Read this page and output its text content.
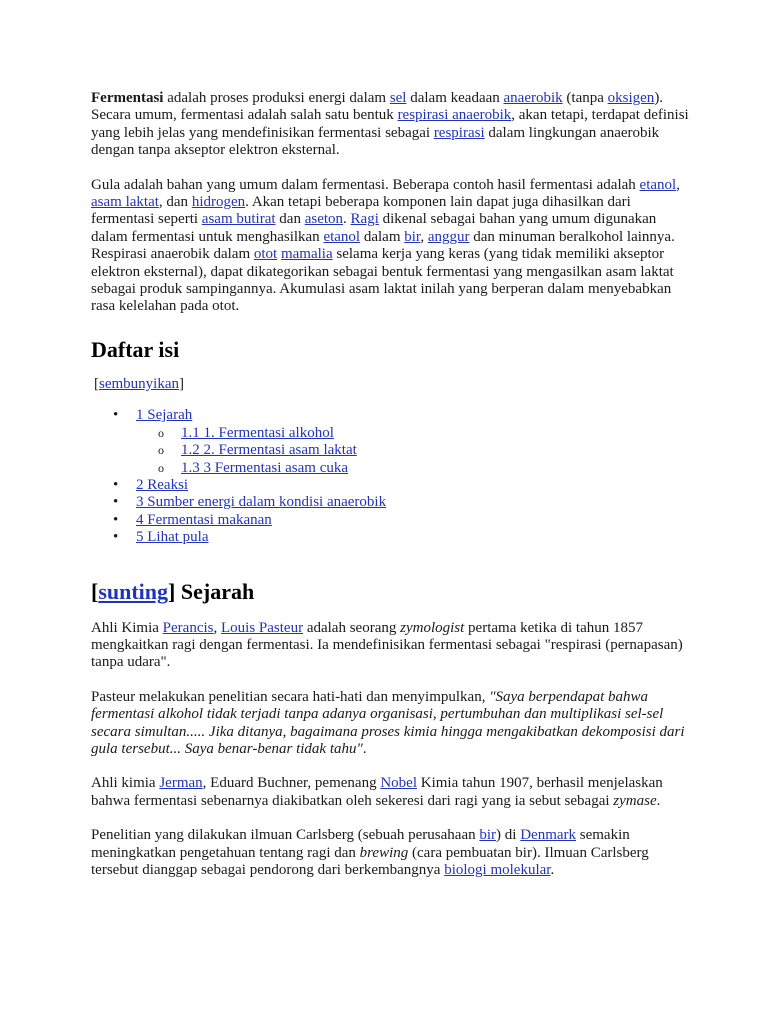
Fermentasi adalah proses produksi energi dalam sel dalam keadaan anaerobik (tanpa oksigen). Secara umum, fermentasi adalah salah satu bentuk respirasi anaerobik, akan tetapi, terdapat definisi yang lebih jelas yang mendefinisikan fermentasi sebagai respirasi dalam lingkungan anaerobik dengan tanpa akseptor elektron eksternal.

Gula adalah bahan yang umum dalam fermentasi. Beberapa contoh hasil fermentasi adalah etanol, asam laktat, dan hidrogen. Akan tetapi beberapa komponen lain dapat juga dihasilkan dari fermentasi seperti asam butirat dan aseton. Ragi dikenal sebagai bahan yang umum digunakan dalam fermentasi untuk menghasilkan etanol dalam bir, anggur dan minuman beralkohol lainnya. Respirasi anaerobik dalam otot mamalia selama kerja yang keras (yang tidak memiliki akseptor elektron eksternal), dapat dikategorikan sebagai bentuk fermentasi yang mengasilkan asam laktat sebagai produk sampingannya. Akumulasi asam laktat inilah yang berperan dalam menyebabkan rasa kelelahan pada otot.

Daftar isi
[sembunyikan]
• 1 Sejarah
o 1.1 1. Fermentasi alkohol
o 1.2 2. Fermentasi asam laktat
o 1.3 3 Fermentasi asam cuka
• 2 Reaksi
• 3 Sumber energi dalam kondisi anaerobik
• 4 Fermentasi makanan
• 5 Lihat pula
[sunting] Sejarah

Ahli Kimia Perancis, Louis Pasteur adalah seorang zymologist pertama ketika di tahun 1857 mengkaitkan ragi dengan fermentasi. Ia mendefinisikan fermentasi sebagai "respirasi (pernapasan) tanpa udara".

Pasteur melakukan penelitian secara hati-hati dan menyimpulkan, "Saya berpendapat bahwa fermentasi alkohol tidak terjadi tanpa adanya organisasi, pertumbuhan dan multiplikasi sel-sel secara simultan..... Jika ditanya, bagaimana proses kimia hingga mengakibatkan dekomposisi dari gula tersebut... Saya benar-benar tidak tahu".

Ahli kimia Jerman, Eduard Buchner, pemenang Nobel Kimia tahun 1907, berhasil menjelaskan bahwa fermentasi sebenarnya diakibatkan oleh sekeresi dari ragi yang ia sebut sebagai zymase.

Penelitian yang dilakukan ilmuan Carlsberg (sebuah perusahaan bir) di Denmark semakin meningkatkan pengetahuan tentang ragi dan brewing (cara pembuatan bir). Ilmuan Carlsberg tersebut dianggap sebagai pendorong dari berkembangnya biologi molekular.
